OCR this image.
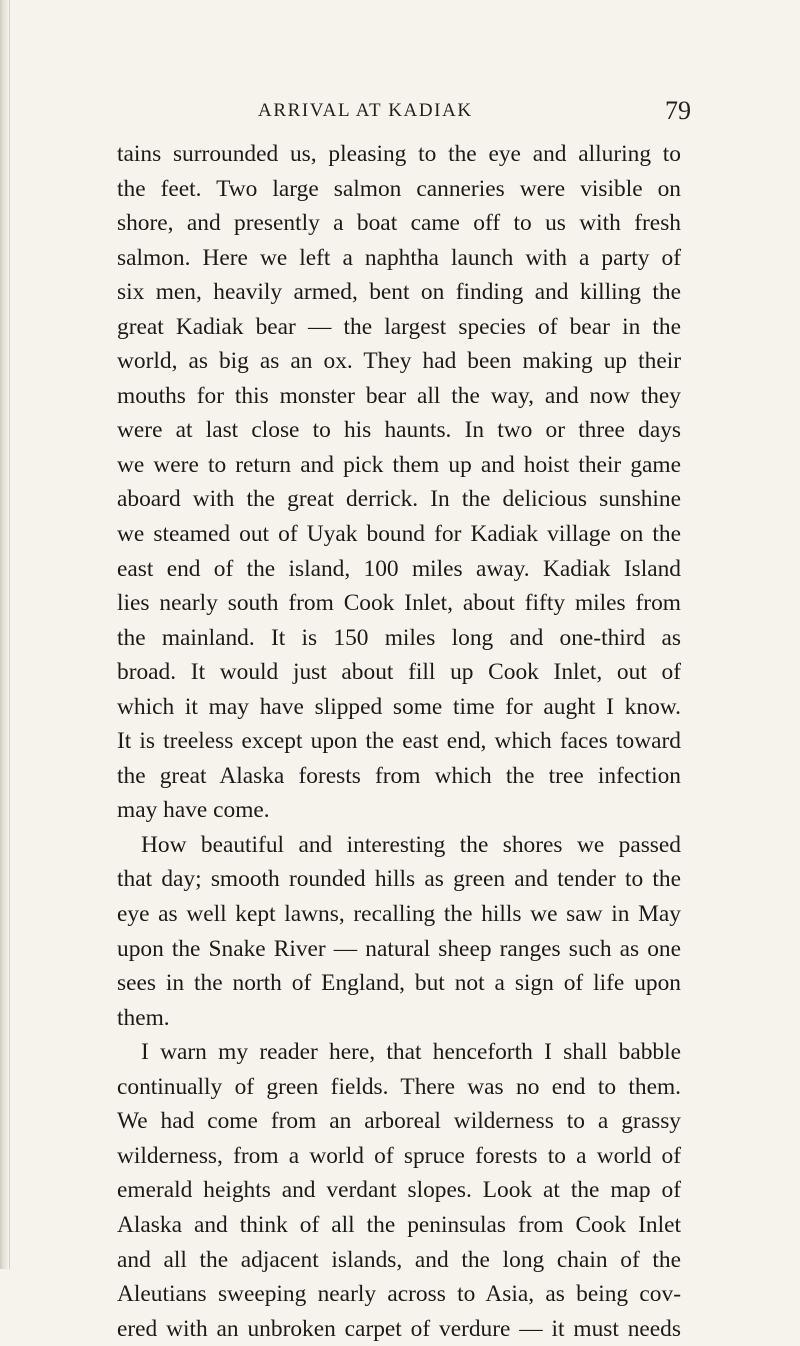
ARRIVAL AT KADIAK	79
tains surrounded us, pleasing to the eye and alluring to
the feet. Two large salmon canneries were visible on
shore, and presently a boat came off to us with fresh
salmon. Here we left a naphtha launch with a party of
six men, heavily armed, bent on finding and killing the
great Kadiak bear — the largest species of bear in the
world, as big as an ox. They had been making up their
mouths for this monster bear all the way, and now they
were at last close to his haunts. In two or three days
we were to return and pick them up and hoist their game
aboard with the great derrick. In the delicious sunshine
we steamed out of Uyak bound for Kadiak village on the
east end of the island, 100 miles away. Kadiak Island
lies nearly south from Cook Inlet, about fifty miles from
the mainland. It is 150 miles long and one-third as
broad. It would just about fill up Cook Inlet, out of
which it may have slipped some time for aught I know.
It is treeless except upon the east end, which faces toward
the great Alaska forests from which the tree infection
may have come.
How beautiful and interesting the shores we passed
that day; smooth rounded hills as green and tender to the
eye as well kept lawns, recalling the hills we saw in May
upon the Snake River — natural sheep ranges such as one
sees in the north of England, but not a sign of life upon
them.
I warn my reader here, that henceforth I shall babble
continually of green fields. There was no end to them.
We had come from an arboreal wilderness to a grassy
wilderness, from a world of spruce forests to a world of
emerald heights and verdant slopes. Look at the map of
Alaska and think of all the peninsulas from Cook Inlet
and all the adjacent islands, and the long chain of the
Aleutians sweeping nearly across to Asia, as being cov-
ered with an unbroken carpet of verdure — it must needs
